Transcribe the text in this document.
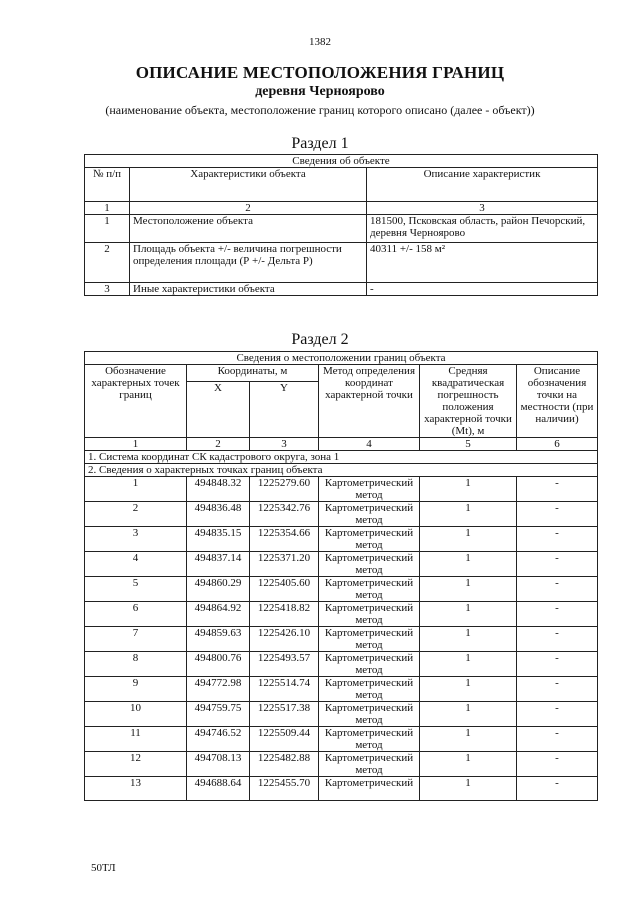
1382
ОПИСАНИЕ МЕСТОПОЛОЖЕНИЯ ГРАНИЦ
деревня Черноярово
(наименование объекта, местоположение границ которого описано (далее - объект))
Раздел 1
Сведения об объекте		
№ п/п	Характеристики объекта	Описание характеристик
1	2	3
1	Местоположение объекта	181500, Псковская область, район Печорский, деревня Черноярово
2	Площадь объекта +/- величина погрешности определения площади (Р +/- Дельта Р)	40311 +/- 158 м²
3	Иные характеристики объекта	-
Раздел 2
Сведения о местоположении границ объекта					
Обозначение характерных точек границ	Координаты, м		Метод определения координат характерной точки	Средняя квадратическая погрешность положения характерной точки (Mt), м	Описание обозначения точки на местности (при наличии)
	X	Y			
1	2	3	4	5	6
1. Система координат СК кадастрового округа, зона 1					
2. Сведения о характерных точках границ объекта					
1	494848.32	1225279.60	Картометрический метод	1	-
2	494836.48	1225342.76	Картометрический метод	1	-
3	494835.15	1225354.66	Картометрический метод	1	-
4	494837.14	1225371.20	Картометрический метод	1	-
5	494860.29	1225405.60	Картометрический метод	1	-
6	494864.92	1225418.82	Картометрический метод	1	-
7	494859.63	1225426.10	Картометрический метод	1	-
8	494800.76	1225493.57	Картометрический метод	1	-
9	494772.98	1225514.74	Картометрический метод	1	-
10	494759.75	1225517.38	Картометрический метод	1	-
11	494746.52	1225509.44	Картометрический метод	1	-
12	494708.13	1225482.88	Картометрический метод	1	-
13	494688.64	1225455.70	Картометрический	1	-
50ТЛ
